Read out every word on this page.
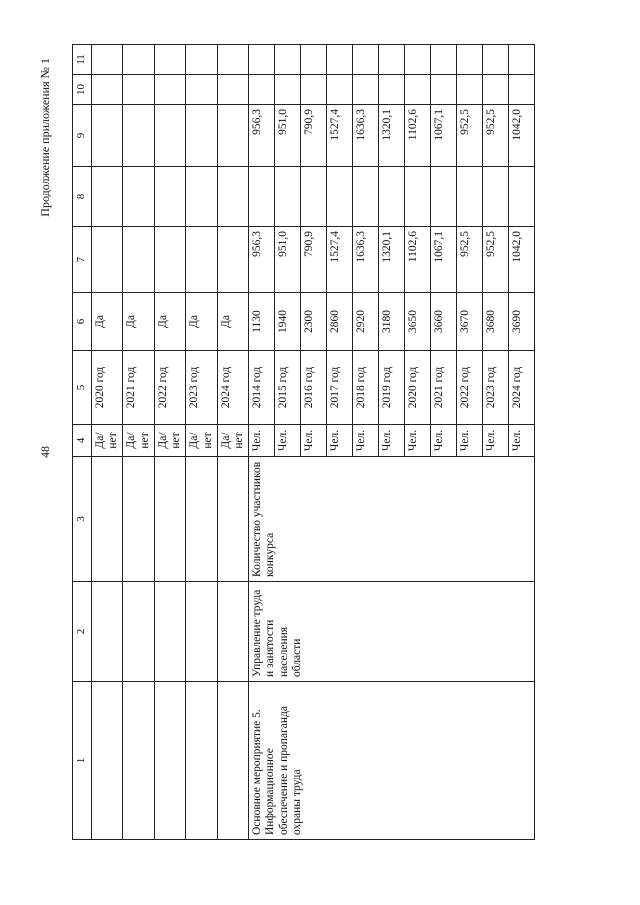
48
Продолжение приложения № 1
1	2	3	4	5	6	7	8	9	10	11
			Да/ нет	2020 год	Да					
			Да/ нет	2021 год	Да					
			Да/ нет	2022 год	Да					
			Да/ нет	2023 год	Да					
			Да/ нет	2024 год	Да					
Основное мероприятие 5. Информационное обеспечение и пропаганда охраны труда	Управление труда и занятости населения области	Количество участников конкурса	Чел.	2014 год	1130	956,3		956,3		
			Чел.	2015 год	1940	951,0		951,0		
			Чел.	2016 год	2300	790,9		790,9		
			Чел.	2017 год	2860	1527,4		1527,4		
			Чел.	2018 год	2920	1636,3		1636,3		
			Чел.	2019 год	3180	1320,1		1320,1		
			Чел.	2020 год	3650	1102,6		1102,6		
			Чел.	2021 год	3660	1067,1		1067,1		
			Чел.	2022 год	3670	952,5		952,5		
			Чел.	2023 год	3680	952,5		952,5		
			Чел.	2024 год	3690	1042,0		1042,0		
